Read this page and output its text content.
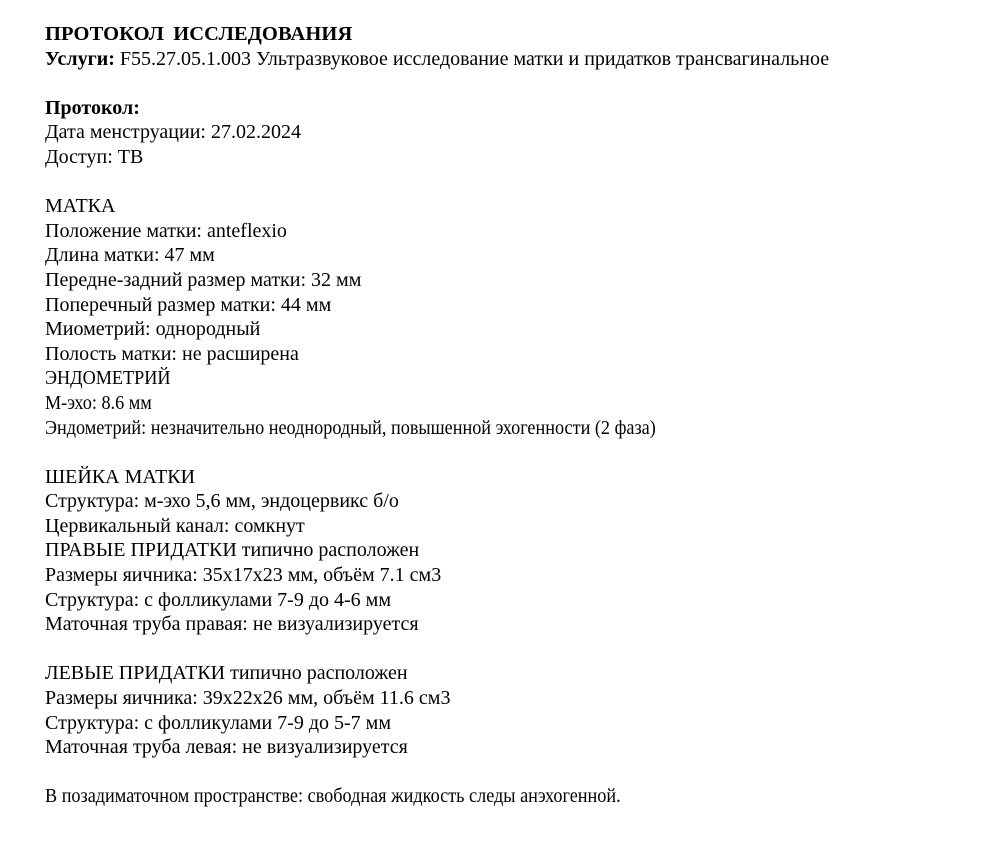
ПРОТОКОЛ ИССЛЕДОВАНИЯ
Услуги: F55.27.05.1.003 Ультразвуковое исследование матки и придатков трансвагинальное
Протокол:
Дата менструации: 27.02.2024
Доступ: ТВ
МАТКА
Положение матки: anteflexio
Длина матки: 47 мм
Передне-задний размер матки: 32 мм
Поперечный размер матки: 44 мм
Миометрий: однородный
Полость матки: не расширена
ЭНДОМЕТРИЙ
М-эхо: 8.6 мм
Эндометрий: незначительно неоднородный, повышенной эхогенности (2 фаза)
ШЕЙКА МАТКИ
Структура: м-эхо 5,6 мм, эндоцервикс б/о
Цервикальный канал: сомкнут
ПРАВЫЕ ПРИДАТКИ типично расположен
Размеры яичника: 35х17х23 мм, объём 7.1 см3
Структура: с фолликулами 7-9 до 4-6 мм
Маточная труба правая: не визуализируется
ЛЕВЫЕ ПРИДАТКИ типично расположен
Размеры яичника: 39х22х26 мм, объём 11.6 см3
Структура: с фолликулами 7-9 до 5-7 мм
Маточная труба левая: не визуализируется
В позадиматочном пространстве: свободная жидкость следы анэхогенной.
